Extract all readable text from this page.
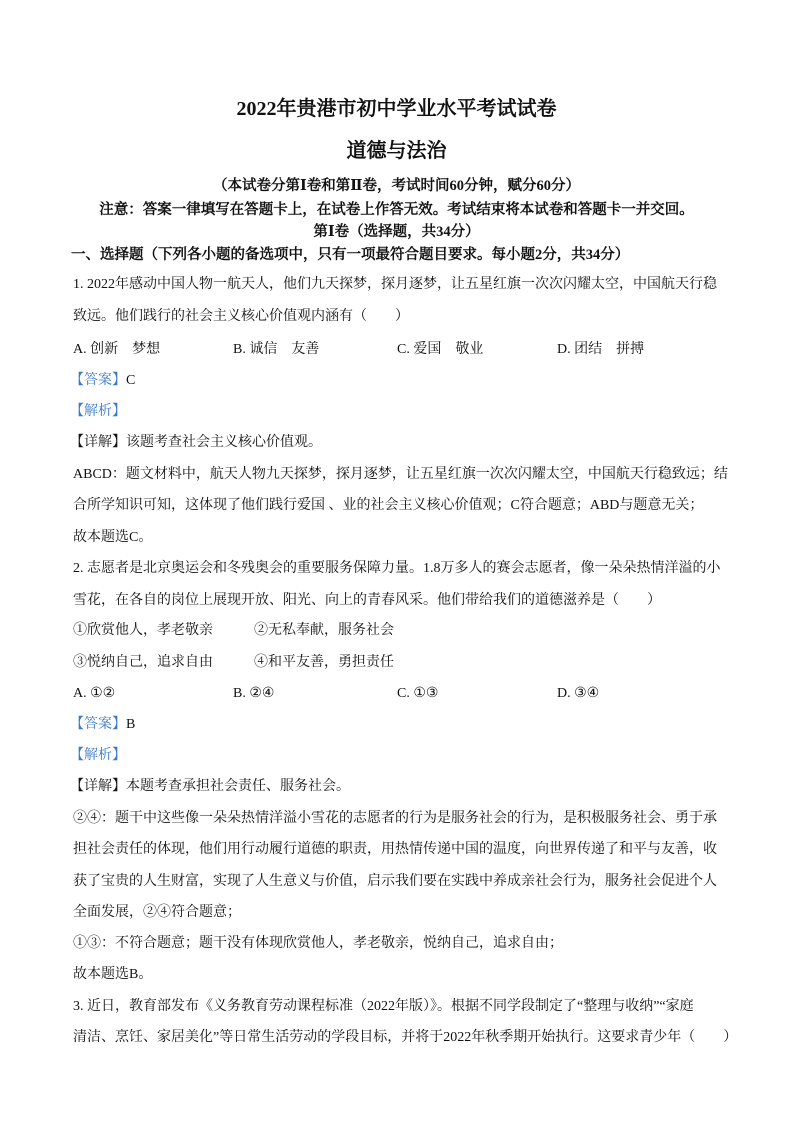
2022年贵港市初中学业水平考试试卷
道德与法治
（本试卷分第Ⅰ卷和第Ⅱ卷，考试时间60分钟，赋分60分）
注意：答案一律填写在答题卡上，在试卷上作答无效。考试结束将本试卷和答题卡一并交回。
第Ⅰ卷（选择题，共34分）
一、选择题（下列各小题的备选项中，只有一项最符合题目要求。每小题2分，共34分）
1. 2022年感动中国人物一航天人，他们九天探梦，探月逐梦，让五星红旗一次次闪耀太空，中国航天行稳
致远。他们践行的社会主义核心价值观内涵有（　　）
A. 创新　梦想	B. 诚信　友善	C. 爱国　敬业	D. 团结　拼搏
【答案】C
【解析】
【详解】该题考查社会主义核心价值观。
ABCD：题文材料中，航天人物九天探梦，探月逐梦，让五星红旗一次次闪耀太空，中国航天行稳致远；结
合所学知识可知，这体现了他们践行爱国 、业的社会主义核心价值观；C符合题意；ABD与题意无关；
故本题选C。
2. 志愿者是北京奥运会和冬残奥会的重要服务保障力量。1.8万多人的赛会志愿者，像一朵朵热情洋溢的小
雪花，在各自的岗位上展现开放、阳光、向上的青春风采。他们带给我们的道德滋养是（　　）
①欣赏他人，孝老敬亲	②无私奉献，服务社会
③悦纳自己，追求自由	④和平友善，勇担责任
A. ①②	B. ②④	C. ①③	D. ③④
【答案】B
【解析】
【详解】本题考查承担社会责任、服务社会。
②④：题干中这些像一朵朵热情洋溢小雪花的志愿者的行为是服务社会的行为，是积极服务社会、勇于承
担社会责任的体现，他们用行动履行道德的职责，用热情传递中国的温度，向世界传递了和平与友善，收
获了宝贵的人生财富，实现了人生意义与价值，启示我们要在实践中养成亲社会行为，服务社会促进个人
全面发展，②④符合题意；
①③：不符合题意；题干没有体现欣赏他人，孝老敬亲，悦纳自己，追求自由；
故本题选B。
3. 近日，教育部发布《义务教育劳动课程标准（2022年版）》。根据不同学段制定了“整理与收纳”“家庭
清洁、烹饪、家居美化”等日常生活劳动的学段目标，并将于2022年秋季期开始执行。这要求青少年（　　）
